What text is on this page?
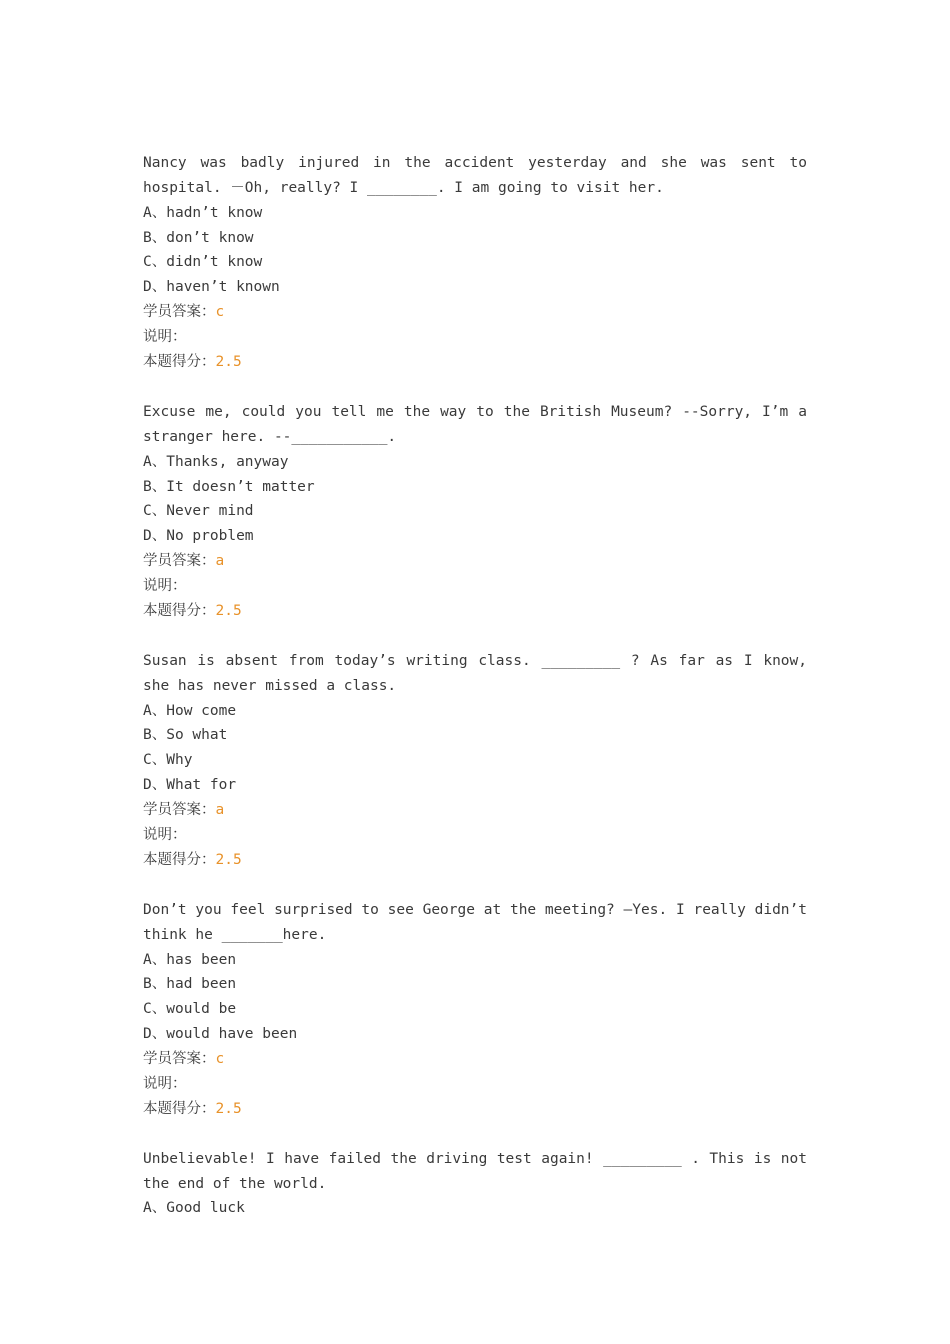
Nancy was badly injured in the accident yesterday and she was sent to hospital. －Oh, really? I ________. I am going to visit her.
A、hadn’t know
B、don’t know
C、didn’t know
D、haven’t known
学员答案：c
说明：
本题得分：2.5

Excuse me, could you tell me the way to the British Museum? --Sorry, I’m a stranger here. --___________.
A、Thanks, anyway
B、It doesn’t matter
C、Never mind
D、No problem
学员答案：a
说明：
本题得分：2.5

Susan is absent from today’s writing class. _________ ? As far as I know, she has never missed a class.
A、How come
B、So what
C、Why
D、What for
学员答案：a
说明：
本题得分：2.5

Don’t you feel surprised to see George at the meeting? —Yes. I really didn’t think he _______here.
A、has been
B、had been
C、would be
D、would have been
学员答案：c
说明：
本题得分：2.5

Unbelievable! I have failed the driving test again! _________ . This is not the end of the world.
A、Good luck
